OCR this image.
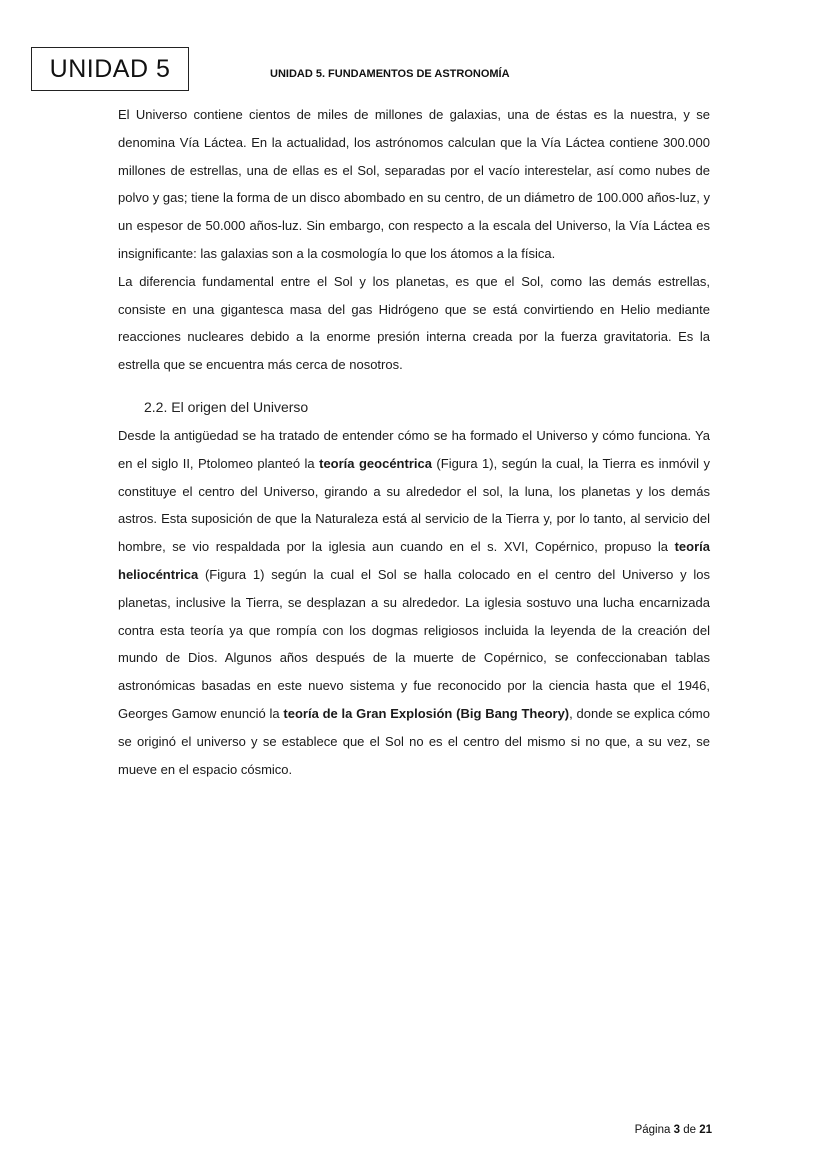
UNIDAD 5	UNIDAD 5. FUNDAMENTOS DE ASTRONOMÍA

El Universo contiene cientos de miles de millones de galaxias, una de éstas es la nuestra, y se denomina Vía Láctea. En la actualidad, los astrónomos calculan que la Vía Láctea contiene 300.000 millones de estrellas, una de ellas es el Sol, separadas por el vacío interestelar, así como nubes de polvo y gas; tiene la forma de un disco abombado en su centro, de un diámetro de 100.000 años-luz, y un espesor de 50.000 años-luz. Sin embargo, con respecto a la escala del Universo, la Vía Láctea es insignificante: las galaxias son a la cosmología lo que los átomos a la física.

La diferencia fundamental entre el Sol y los planetas, es que el Sol, como las demás estrellas, consiste en una gigantesca masa del gas Hidrógeno que se está convirtiendo en Helio mediante reacciones nucleares debido a la enorme presión interna creada por la fuerza gravitatoria. Es la estrella que se encuentra más cerca de nosotros.

2.2. El origen del Universo

Desde la antigüedad se ha tratado de entender cómo se ha formado el Universo y cómo funciona. Ya en el siglo II, Ptolomeo planteó la teoría geocéntrica (Figura 1), según la cual, la Tierra es inmóvil y constituye el centro del Universo, girando a su alrededor el sol, la luna, los planetas y los demás astros. Esta suposición de que la Naturaleza está al servicio de la Tierra y, por lo tanto, al servicio del hombre, se vio respaldada por la iglesia aun cuando en el s. XVI, Copérnico, propuso la teoría heliocéntrica (Figura 1) según la cual el Sol se halla colocado en el centro del Universo y los planetas, inclusive la Tierra, se desplazan a su alrededor. La iglesia sostuvo una lucha encarnizada contra esta teoría ya que rompía con los dogmas religiosos incluida la leyenda de la creación del mundo de Dios. Algunos años después de la muerte de Copérnico, se confeccionaban tablas astronómicas basadas en este nuevo sistema y fue reconocido por la ciencia hasta que el 1946, Georges Gamow enunció la teoría de la Gran Explosión (Big Bang Theory), donde se explica cómo se originó el universo y se establece que el Sol no es el centro del mismo si no que, a su vez, se mueve en el espacio cósmico.

Página 3 de 21
